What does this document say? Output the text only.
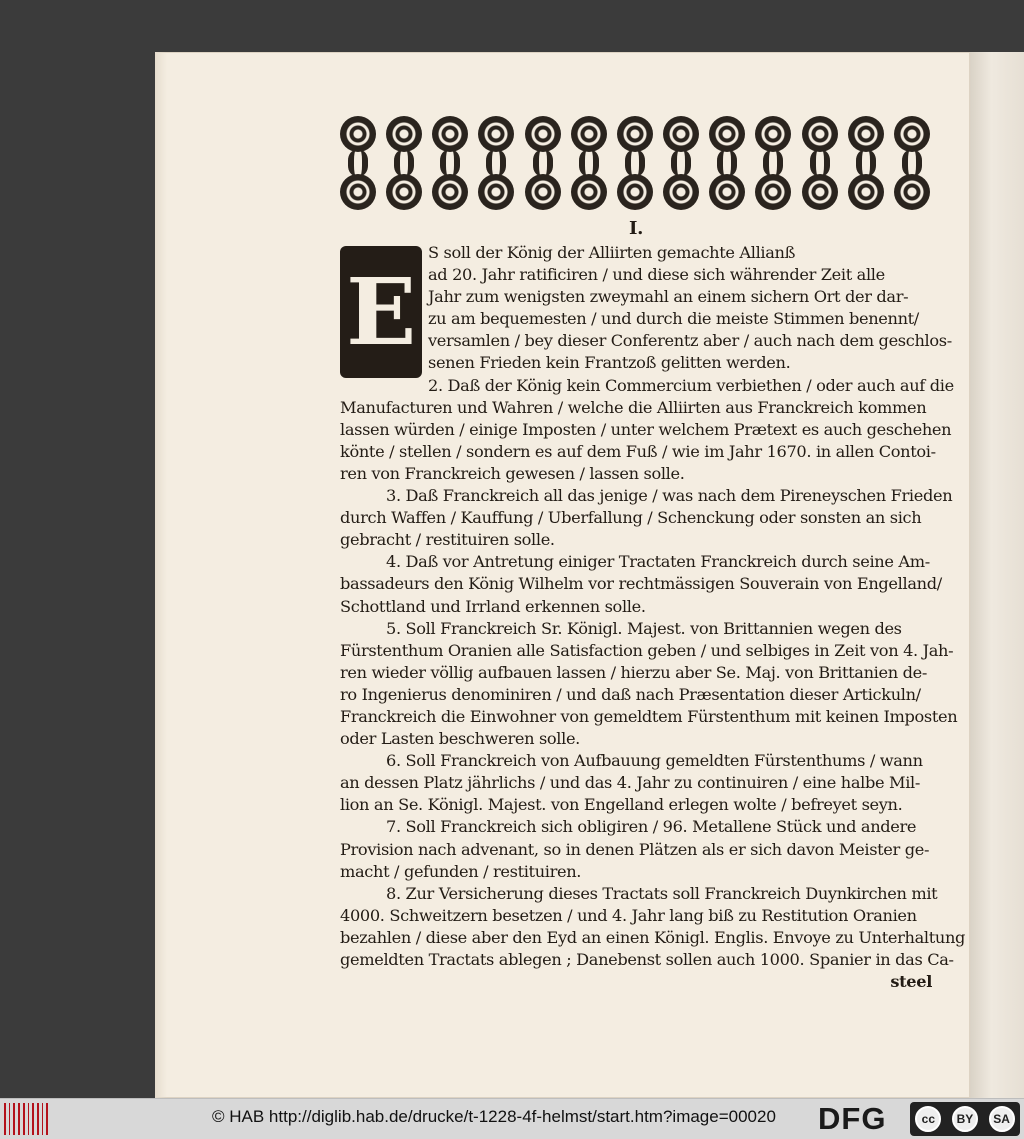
I.
E
S soll der König der Alliirten gemachte Allianß
ad 20. Jahr ratificiren / und diese sich währender Zeit alle
Jahr zum wenigsten zweymahl an einem sichern Ort der dar-
zu am bequemesten / und durch die meiste Stimmen benennt/
versamlen / bey dieser Conferentz aber / auch nach dem geschlos-
senen Frieden kein Frantzoß gelitten werden.
2. Daß der König kein Commercium verbiethen / oder auch auf die
Manufacturen und Wahren / welche die Alliirten aus Franckreich kommen
lassen würden / einige Imposten / unter welchem Prætext es auch geschehen
könte / stellen / sondern es auf dem Fuß / wie im Jahr 1670. in allen Contoi-
ren von Franckreich gewesen / lassen solle.
3. Daß Franckreich all das jenige / was nach dem Pireneyschen Frieden
durch Waffen / Kauffung / Uberfallung / Schenckung oder sonsten an sich
gebracht / restituiren solle.
4. Daß vor Antretung einiger Tractaten Franckreich durch seine Am-
bassadeurs den König Wilhelm vor rechtmässigen Souverain von Engelland/
Schottland und Irrland erkennen solle.
5. Soll Franckreich Sr. Königl. Majest. von Brittannien wegen des
Fürstenthum Oranien alle Satisfaction geben / und selbiges in Zeit von 4. Jah-
ren wieder völlig aufbauen lassen / hierzu aber Se. Maj. von Brittanien de-
ro Ingenierus denominiren / und daß nach Præsentation dieser Artickuln/
Franckreich die Einwohner von gemeldtem Fürstenthum mit keinen Imposten
oder Lasten beschweren solle.
6. Soll Franckreich von Aufbauung gemeldten Fürstenthums / wann
an dessen Platz jährlichs / und das 4. Jahr zu continuiren / eine halbe Mil-
lion an Se. Königl. Majest. von Engelland erlegen wolte / befreyet seyn.
7. Soll Franckreich sich obligiren / 96. Metallene Stück und andere
Provision nach advenant, so in denen Plätzen als er sich davon Meister ge-
macht / gefunden / restituiren.
8. Zur Versicherung dieses Tractats soll Franckreich Duynkirchen mit
4000. Schweitzern besetzen / und 4. Jahr lang biß zu Restitution Oranien
bezahlen / diese aber den Eyd an einen Königl. Englis. Envoye zu Unterhaltung
gemeldten Tractats ablegen ; Danebenst sollen auch 1000. Spanier in das Ca-
steel
© HAB http://diglib.hab.de/drucke/t-1228-4f-helmst/start.htm?image=00020 DFG	cc	BY	SA
